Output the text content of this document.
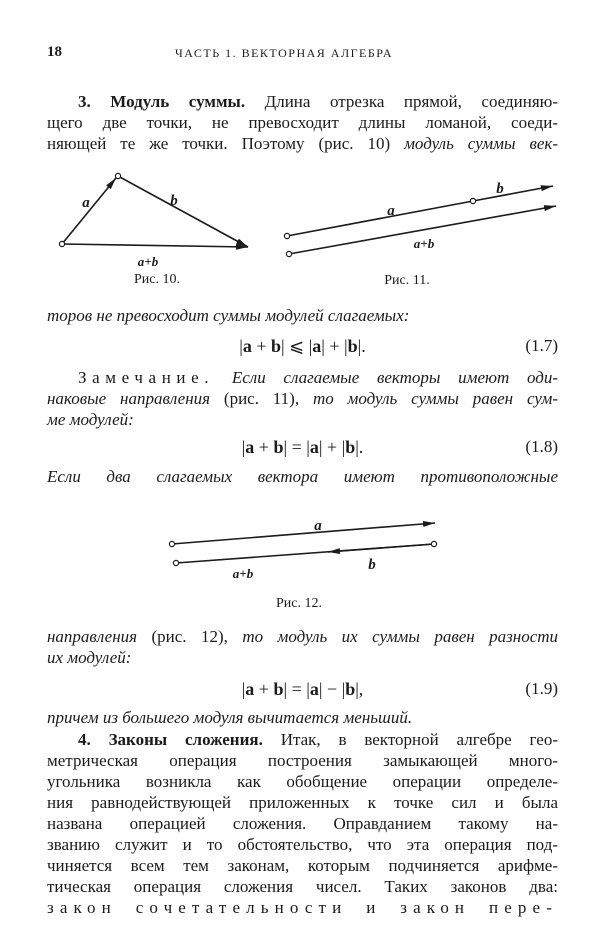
18	ЧАСТЬ 1. ВЕКТОРНАЯ АЛГЕБРА
3. Модуль суммы. Длина отрезка прямой, соединяю-
щего две точки, не превосходит длины ломаной, соеди-
няющей те же точки. Поэтому (рис. 10) модуль суммы век-
a	b
a+b
Рис. 10.
a
b
a+b
Рис. 11.
a
a+b
b
Рис. 12.
торов не превосходит суммы модулей слагаемых:
|a + b| ⩽ |a| + |b|.	(1.7)
Замечание. Если слагаемые векторы имеют оди-
наковые направления (рис. 11), то модуль суммы равен сум-
ме модулей:
|a + b| = |a| + |b|.	(1.8)
Если два слагаемых вектора имеют противоположные
направления (рис. 12), то модуль их суммы равен разности
их модулей:
|a + b| = |a| − |b|,	(1.9)
причем из большего модуля вычитается меньший.
4. Законы сложения. Итак, в векторной алгебре гео-
метрическая операция построения замыкающей много-
угольника возникла как обобщение операции определе-
ния равнодействующей приложенных к точке сил и была
названа операцией сложения. Оправданием такому на-
званию служит и то обстоятельство, что эта операция под-
чиняется всем тем законам, которым подчиняется арифме-
тическая операция сложения чисел. Таких законов два:
закон сочетательности и закон пере-
